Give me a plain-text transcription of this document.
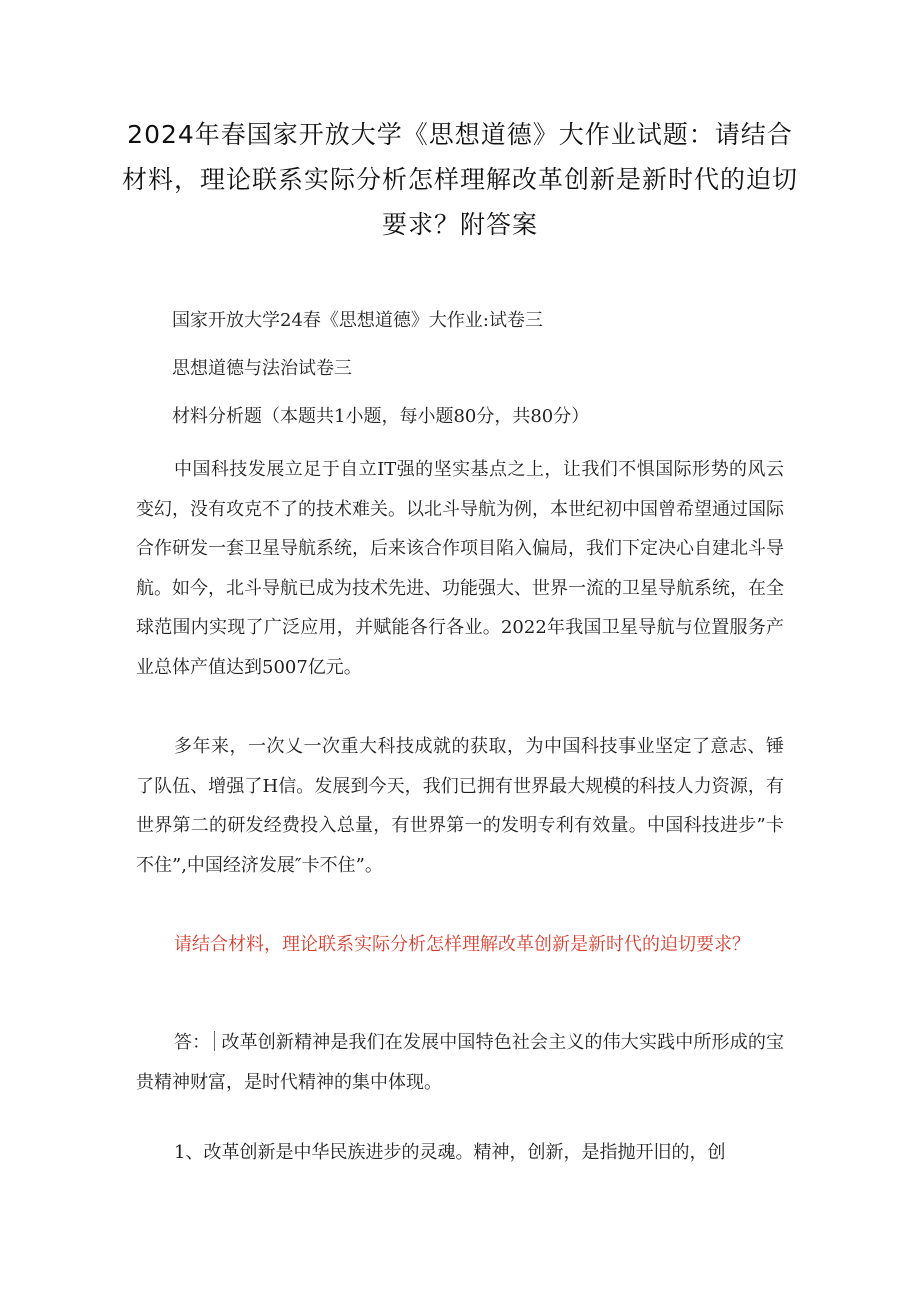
2024年春国家开放大学《思想道德》大作业试题：请结合材料，理论联系实际分析怎样理解改革创新是新时代的迫切要求？附答案
国家开放大学24春《思想道德》大作业:试卷三
思想道德与法治试卷三
材料分析题（本题共1小题，每小题80分，共80分）

中国科技发展立足于自立IT强的坚实基点之上，让我们不惧国际形势的风云变幻，没有攻克不了的技术难关。以北斗导航为例，本世纪初中国曾希望通过国际合作研发一套卫星导航系统，后来该合作项目陷入偏局，我们下定决心自建北斗导航。如今，北斗导航已成为技术先进、功能强大、世界一流的卫星导航系统，在全球范围内实现了广泛应用，并赋能各行各业。2022年我国卫星导航与位置服务产业总体产值达到5007亿元。

多年来，一次乂一次重大科技成就的获取，为中国科技事业坚定了意志、锤了队伍、增强了H信。发展到今天，我们已拥有世界最大规模的科技人力资源，有世界第二的研发经费投入总量，有世界第一的发明专利有效量。中国科技进步”卡不住”,中国经济发展″卡不住”。

请结合材料，理论联系实际分析怎样理解改革创新是新时代的迫切要求？

答： 改革创新精神是我们在发展中国特色社会主义的伟大实践中所形成的宝贵精神财富，是时代精神的集中体现。

1、改革创新是中华民族进步的灵魂。精神，创新，是指抛开旧的，创
